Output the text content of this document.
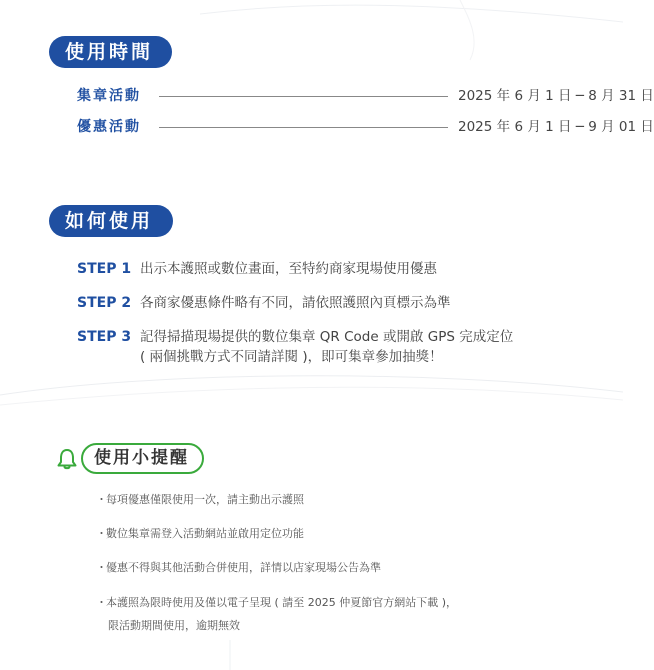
使用時間
集章活動	2025 年 6 月 1 日 ─ 8 月 31 日
優惠活動	2025 年 6 月 1 日 ─ 9 月 01 日
如何使用
STEP 1 出示本護照或數位畫面，至特約商家現場使用優惠
STEP 2 各商家優惠條件略有不同，請依照護照內頁標示為準
STEP 3 記得掃描現場提供的數位集章 QR Code 或開啟 GPS 完成定位
( 兩個挑戰方式不同請詳閱 )，即可集章參加抽獎！
使用小提醒
・每項優惠僅限使用一次，請主動出示護照
・數位集章需登入活動網站並啟用定位功能
・優惠不得與其他活動合併使用，詳情以店家現場公告為準
・本護照為限時使用及僅以電子呈現 ( 請至 2025 仲夏節官方網站下載 )，
限活動期間使用，逾期無效
